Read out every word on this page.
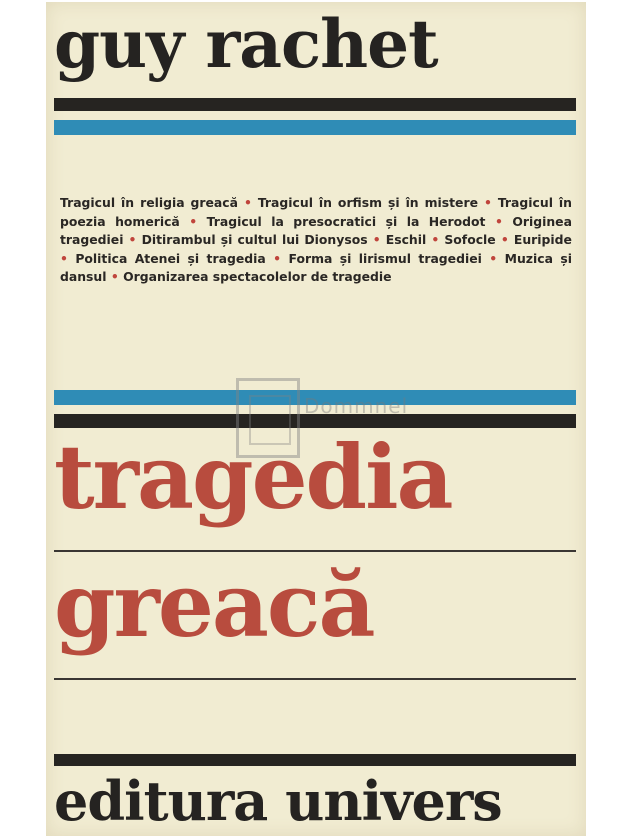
guy rachet
Tragicul în religia greacă • Tragicul în orfism și în mistere • Tragicul în poezia homerică • Tragicul la presocratici și la Herodot • Originea tragediei • Ditirambul și cultul lui Dionysos • Eschil • Sofocle • Euripide • Politica Atenei și tragedia • Forma și lirismul tragediei • Muzica și dansul • Organizarea spectacolelor de tragedie
Dommnel
tragedia
greacă
editura univers
